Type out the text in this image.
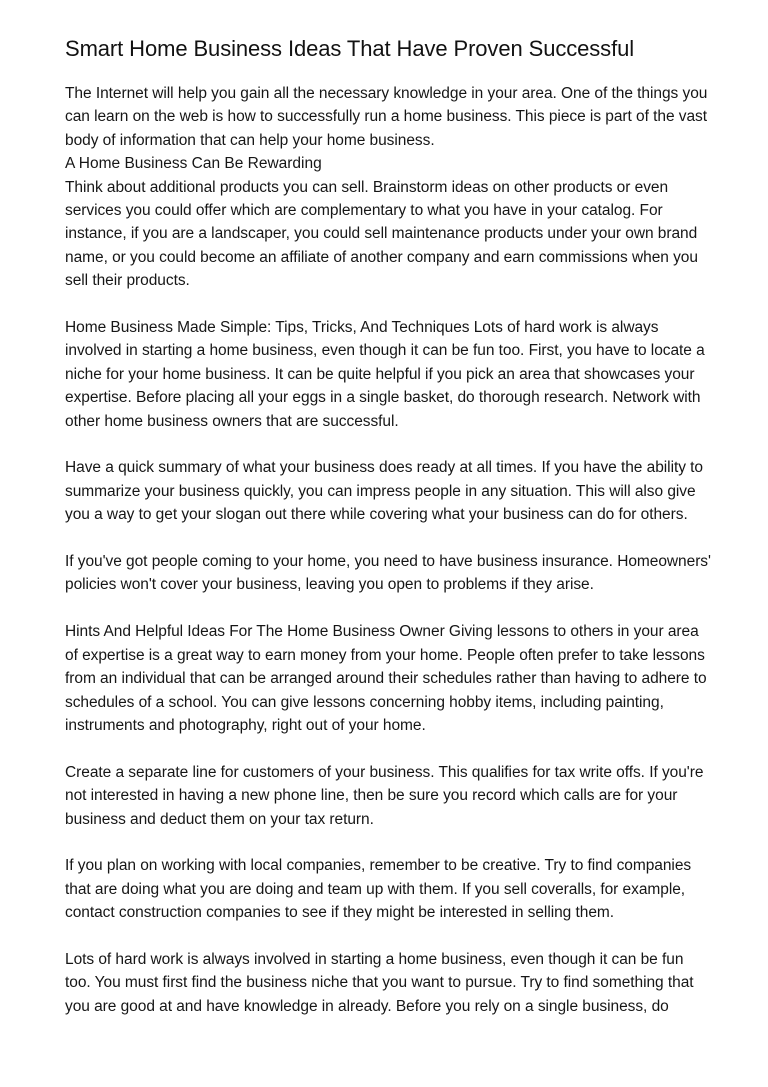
Smart Home Business Ideas That Have Proven Successful

The Internet will help you gain all the necessary knowledge in your area. One of the things you can learn on the web is how to successfully run a home business. This piece is part of the vast body of information that can help your home business.

A Home Business Can Be Rewarding

Think about additional products you can sell. Brainstorm ideas on other products or even services you could offer which are complementary to what you have in your catalog. For instance, if you are a landscaper, you could sell maintenance products under your own brand name, or you could become an affiliate of another company and earn commissions when you sell their products.

Home Business Made Simple: Tips, Tricks, And Techniques Lots of hard work is always involved in starting a home business, even though it can be fun too. First, you have to locate a niche for your home business. It can be quite helpful if you pick an area that showcases your expertise. Before placing all your eggs in a single basket, do thorough research. Network with other home business owners that are successful.

Have a quick summary of what your business does ready at all times. If you have the ability to summarize your business quickly, you can impress people in any situation. This will also give you a way to get your slogan out there while covering what your business can do for others.

If you've got people coming to your home, you need to have business insurance. Homeowners' policies won't cover your business, leaving you open to problems if they arise.

Hints And Helpful Ideas For The Home Business Owner Giving lessons to others in your area of expertise is a great way to earn money from your home. People often prefer to take lessons from an individual that can be arranged around their schedules rather than having to adhere to schedules of a school. You can give lessons concerning hobby items, including painting, instruments and photography, right out of your home.

Create a separate line for customers of your business. This qualifies for tax write offs. If you're not interested in having a new phone line, then be sure you record which calls are for your business and deduct them on your tax return.

If you plan on working with local companies, remember to be creative. Try to find companies that are doing what you are doing and team up with them. If you sell coveralls, for example, contact construction companies to see if they might be interested in selling them.

Lots of hard work is always involved in starting a home business, even though it can be fun too. You must first find the business niche that you want to pursue. Try to find something that you are good at and have knowledge in already. Before you rely on a single business, do
